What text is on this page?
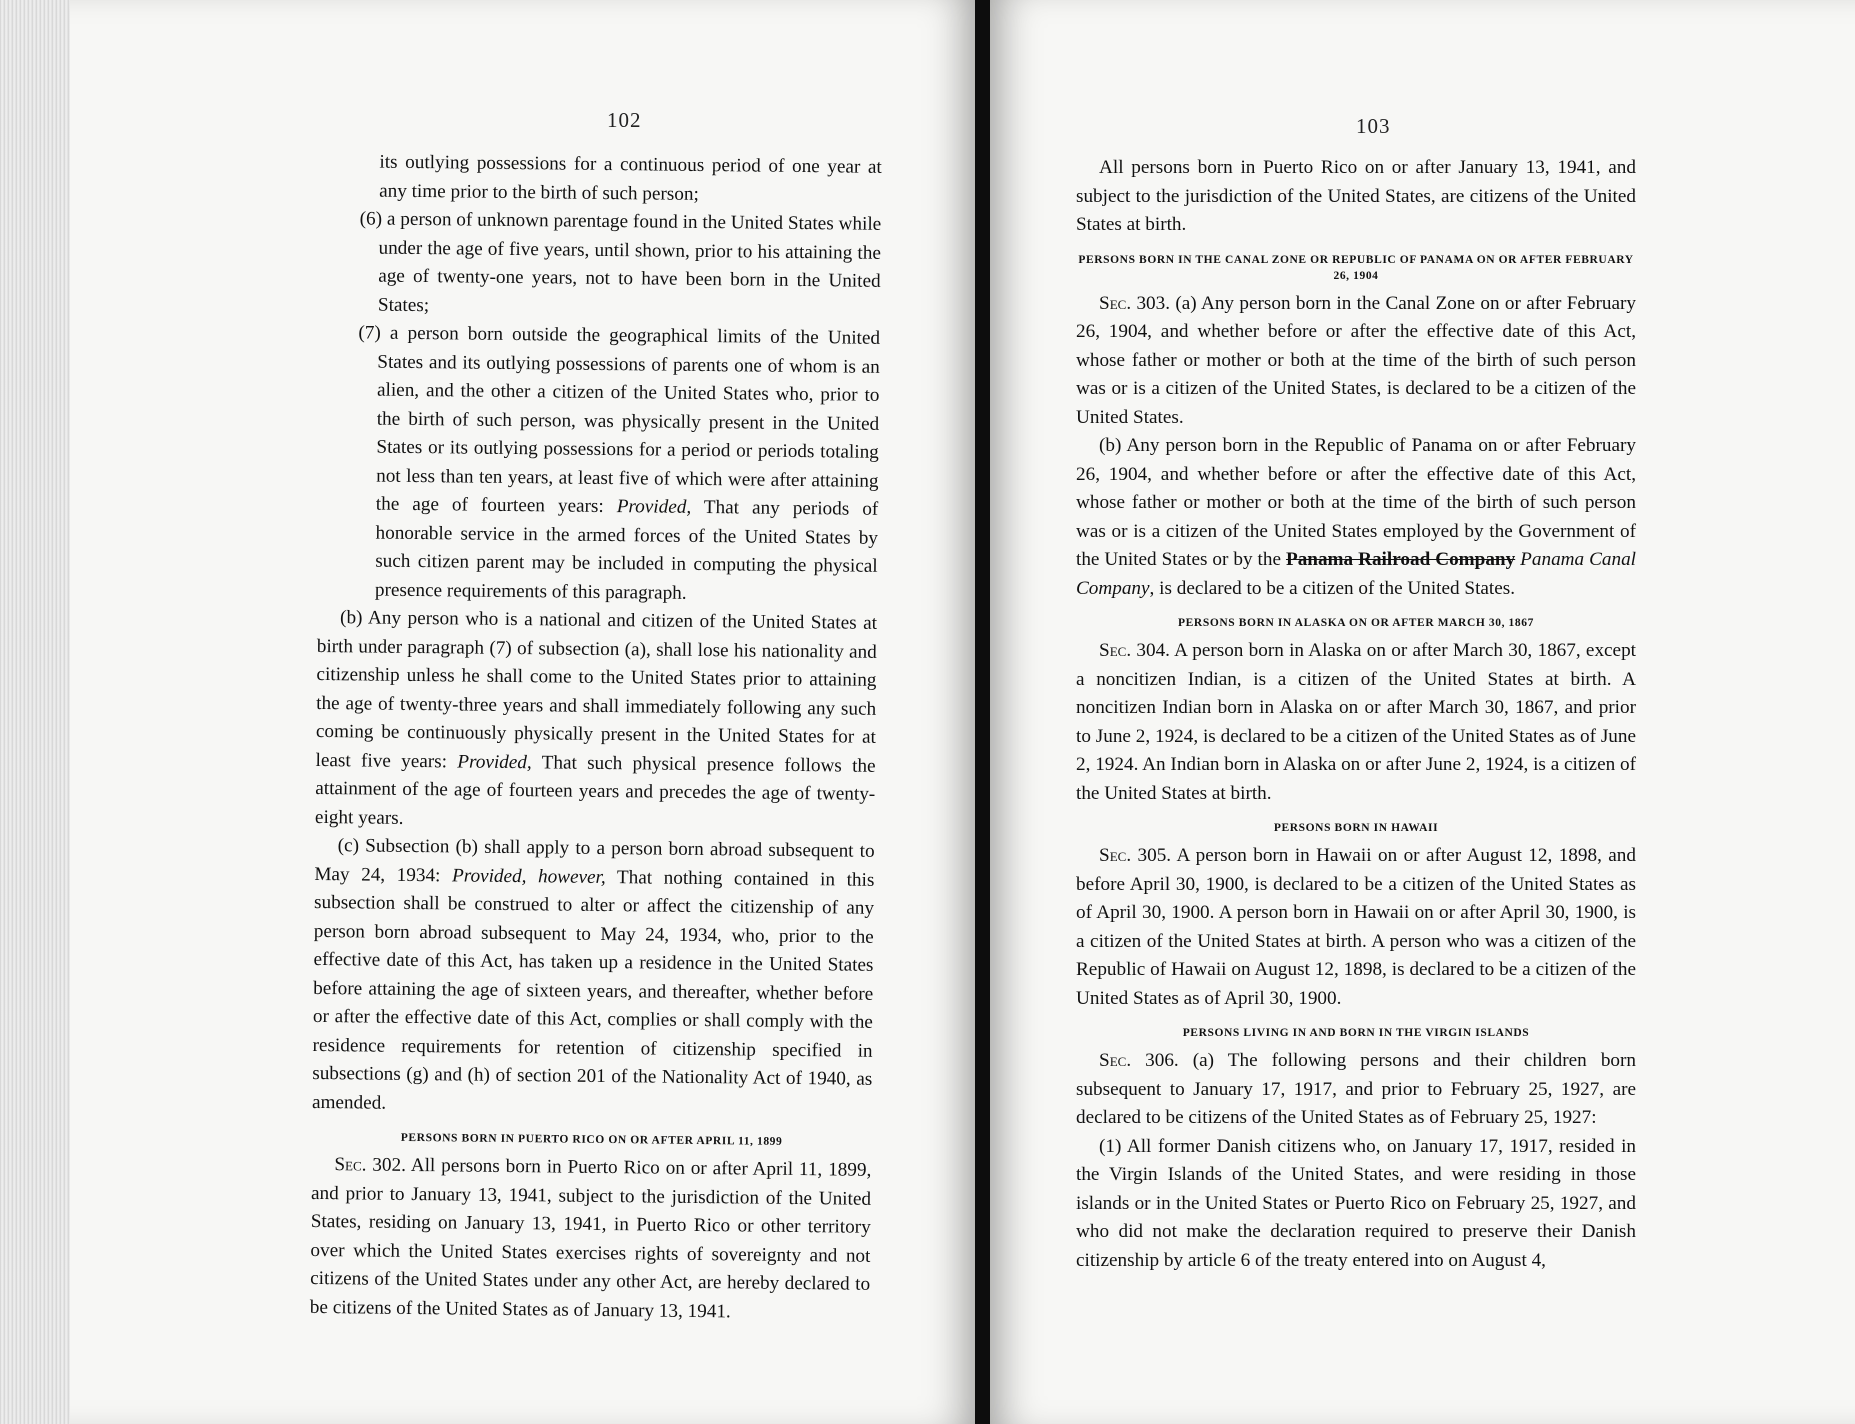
102

its outlying possessions for a continuous period of one year at any time prior to the birth of such person;

(6) a person of unknown parentage found in the United States while under the age of five years, until shown, prior to his attaining the age of twenty-one years, not to have been born in the United States;

(7) a person born outside the geographical limits of the United States and its outlying possessions of parents one of whom is an alien, and the other a citizen of the United States who, prior to the birth of such person, was physically present in the United States or its outlying possessions for a period or periods totaling not less than ten years, at least five of which were after attaining the age of fourteen years: Provided, That any periods of honorable service in the armed forces of the United States by such citizen parent may be included in computing the physical presence requirements of this paragraph.

(b) Any person who is a national and citizen of the United States at birth under paragraph (7) of subsection (a), shall lose his nationality and citizenship unless he shall come to the United States prior to attaining the age of twenty-three years and shall immediately following any such coming be continuously physically present in the United States for at least five years: Provided, That such physical presence follows the attainment of the age of fourteen years and precedes the age of twenty-eight years.

(c) Subsection (b) shall apply to a person born abroad subsequent to May 24, 1934: Provided, however, That nothing contained in this subsection shall be construed to alter or affect the citizenship of any person born abroad subsequent to May 24, 1934, who, prior to the effective date of this Act, has taken up a residence in the United States before attaining the age of sixteen years, and thereafter, whether before or after the effective date of this Act, complies or shall comply with the residence requirements for retention of citizenship specified in subsections (g) and (h) of section 201 of the Nationality Act of 1940, as amended.

PERSONS BORN IN PUERTO RICO ON OR AFTER APRIL 11, 1899

Sec. 302. All persons born in Puerto Rico on or after April 11, 1899, and prior to January 13, 1941, subject to the jurisdiction of the United States, residing on January 13, 1941, in Puerto Rico or other territory over which the United States exercises rights of sovereignty and not citizens of the United States under any other Act, are hereby declared to be citizens of the United States as of January 13, 1941.

103

All persons born in Puerto Rico on or after January 13, 1941, and subject to the jurisdiction of the United States, are citizens of the United States at birth.

PERSONS BORN IN THE CANAL ZONE OR REPUBLIC OF PANAMA ON OR AFTER FEBRUARY 26, 1904

Sec. 303. (a) Any person born in the Canal Zone on or after February 26, 1904, and whether before or after the effective date of this Act, whose father or mother or both at the time of the birth of such person was or is a citizen of the United States, is declared to be a citizen of the United States.

(b) Any person born in the Republic of Panama on or after February 26, 1904, and whether before or after the effective date of this Act, whose father or mother or both at the time of the birth of such person was or is a citizen of the United States employed by the Government of the United States or by the Panama Railroad Company Panama Canal Company, is declared to be a citizen of the United States.

PERSONS BORN IN ALASKA ON OR AFTER MARCH 30, 1867

Sec. 304. A person born in Alaska on or after March 30, 1867, except a noncitizen Indian, is a citizen of the United States at birth. A noncitizen Indian born in Alaska on or after March 30, 1867, and prior to June 2, 1924, is declared to be a citizen of the United States as of June 2, 1924. An Indian born in Alaska on or after June 2, 1924, is a citizen of the United States at birth.

PERSONS BORN IN HAWAII

Sec. 305. A person born in Hawaii on or after August 12, 1898, and before April 30, 1900, is declared to be a citizen of the United States as of April 30, 1900. A person born in Hawaii on or after April 30, 1900, is a citizen of the United States at birth. A person who was a citizen of the Republic of Hawaii on August 12, 1898, is declared to be a citizen of the United States as of April 30, 1900.

PERSONS LIVING IN AND BORN IN THE VIRGIN ISLANDS

Sec. 306. (a) The following persons and their children born subsequent to January 17, 1917, and prior to February 25, 1927, are declared to be citizens of the United States as of February 25, 1927:

(1) All former Danish citizens who, on January 17, 1917, resided in the Virgin Islands of the United States, and were residing in those islands or in the United States or Puerto Rico on February 25, 1927, and who did not make the declaration required to preserve their Danish citizenship by article 6 of the treaty entered into on August 4,
